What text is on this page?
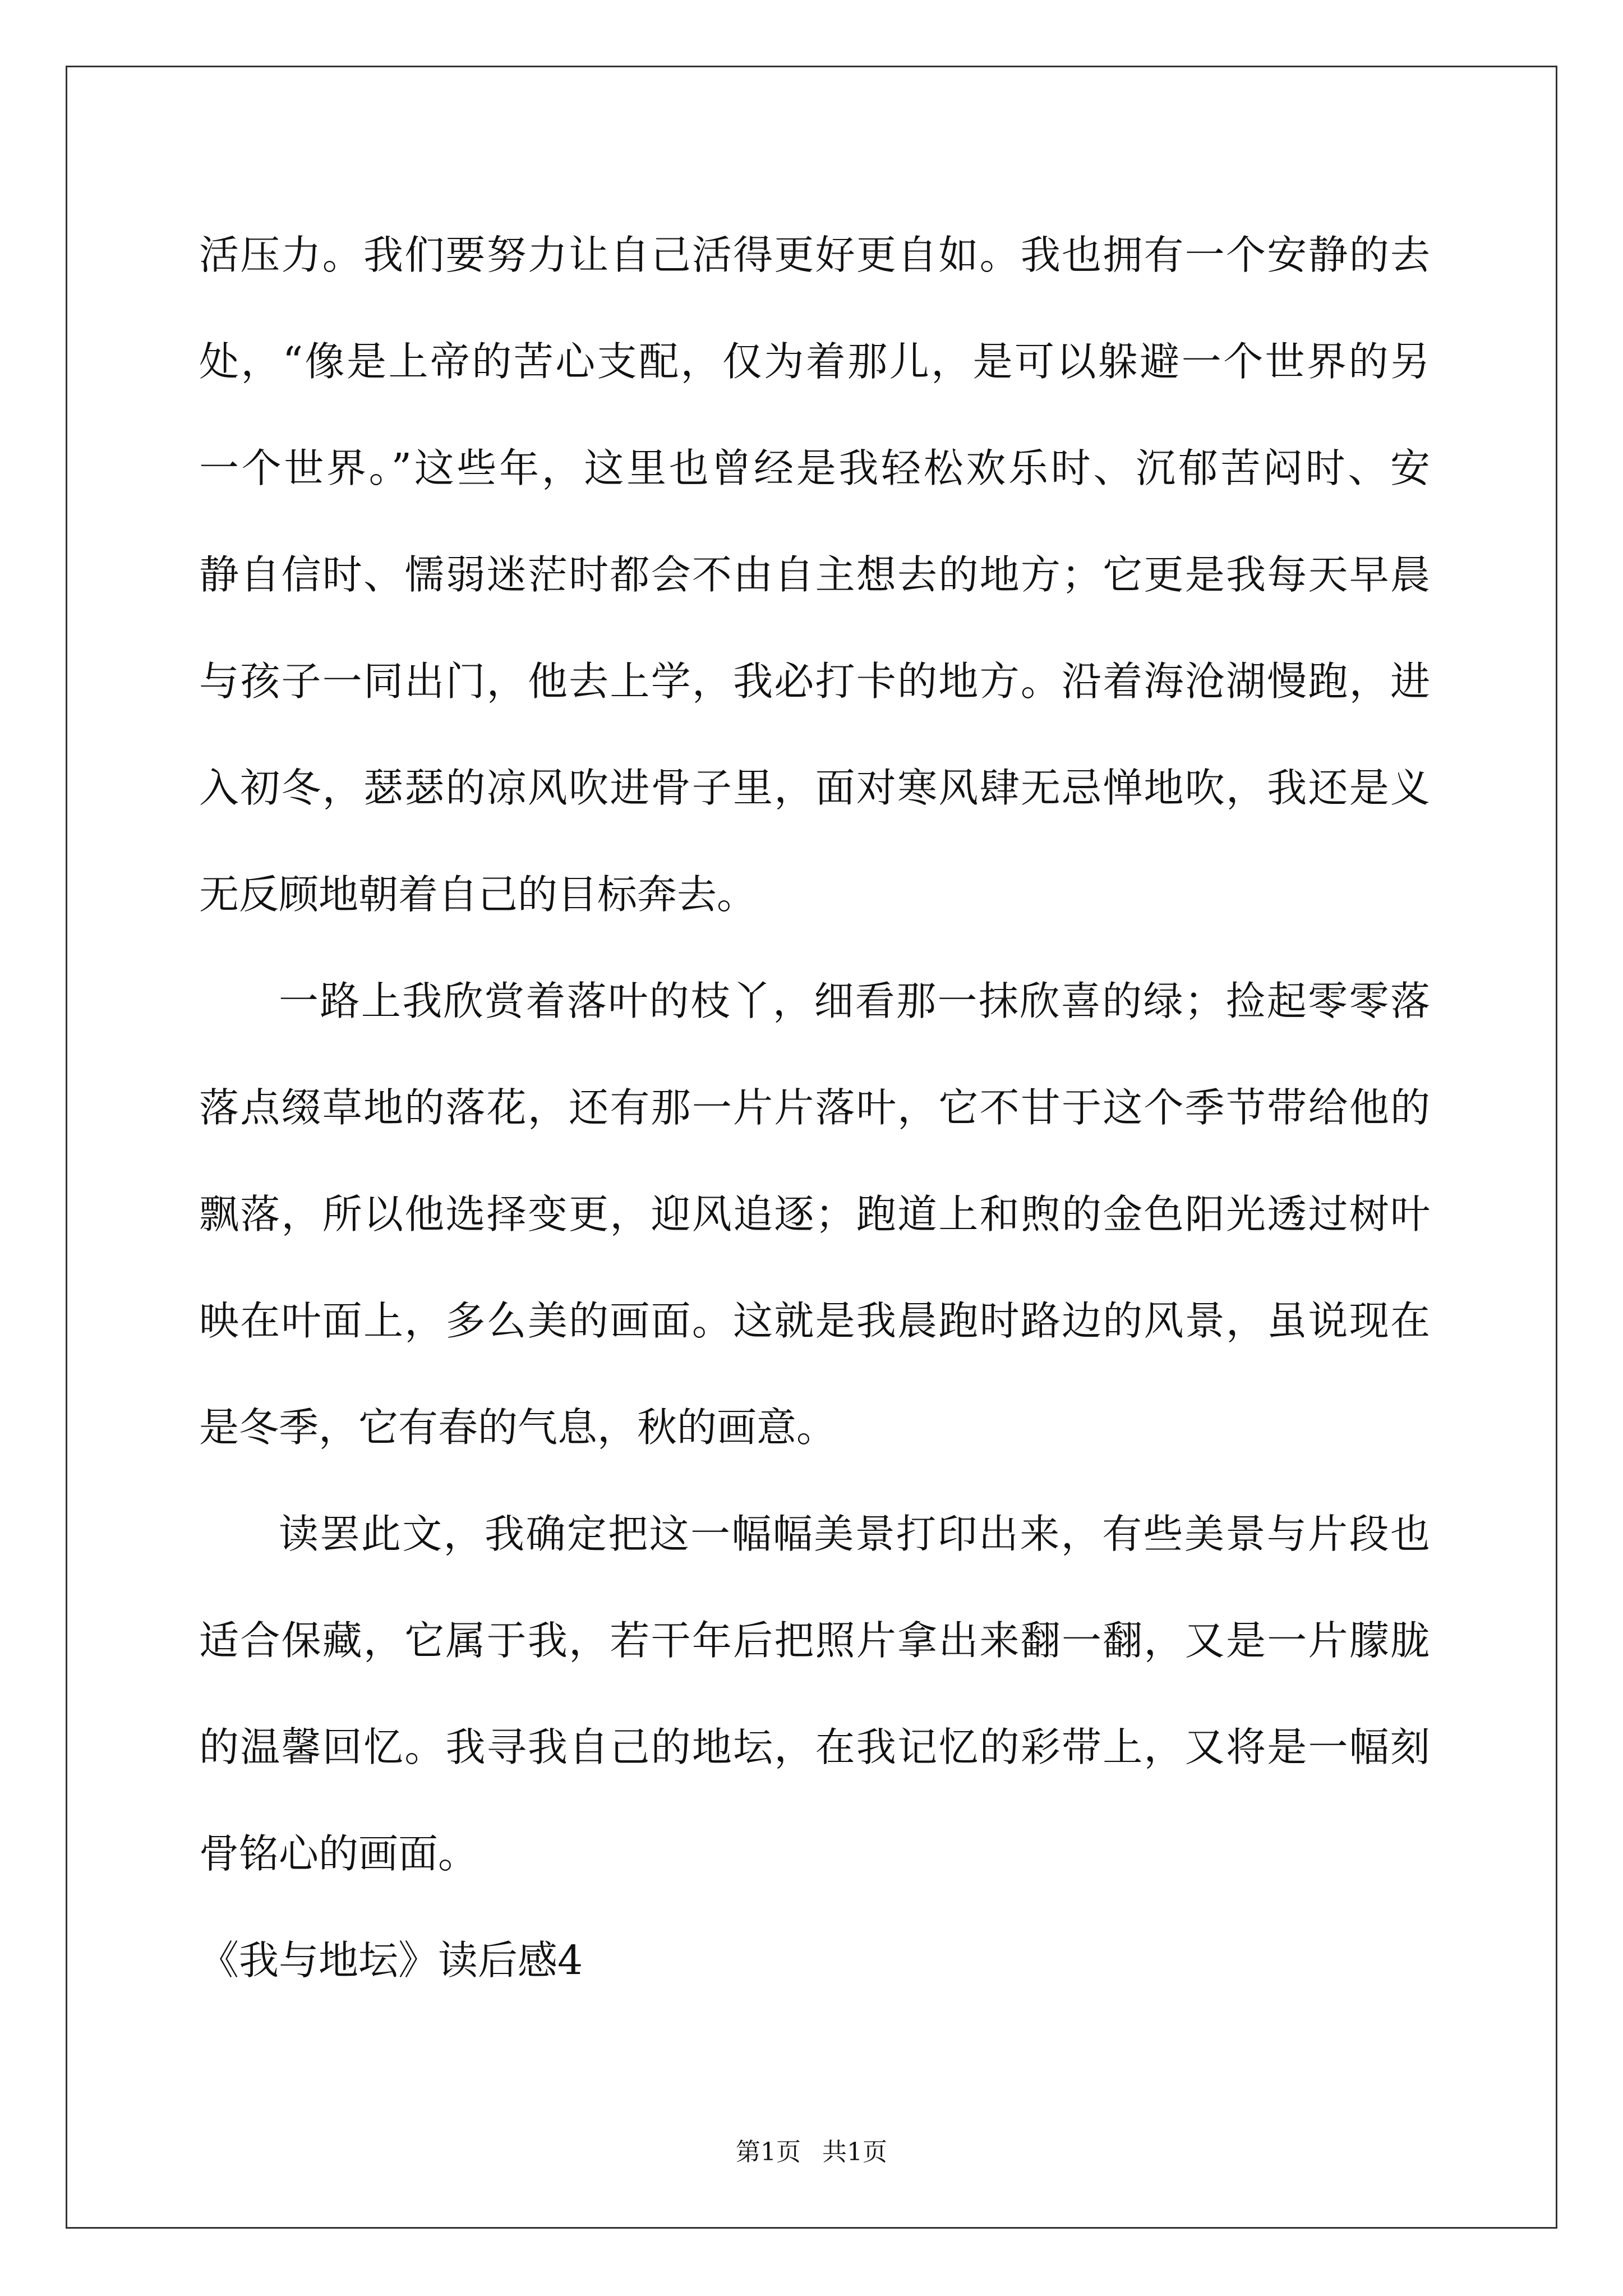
活压力。我们要努力让自己活得更好更自如。我也拥有一个安静的去
处，“像是上帝的苦心支配，仅为着那儿，是可以躲避一个世界的另
一个世界。”这些年，这里也曾经是我轻松欢乐时、沉郁苦闷时、安
静自信时、懦弱迷茫时都会不由自主想去的地方；它更是我每天早晨
与孩子一同出门，他去上学，我必打卡的地方。沿着海沧湖慢跑，进
入初冬，瑟瑟的凉风吹进骨子里，面对寒风肆无忌惮地吹，我还是义
无反顾地朝着自己的目标奔去。
一路上我欣赏着落叶的枝丫，细看那一抹欣喜的绿；捡起零零落
落点缀草地的落花，还有那一片片落叶，它不甘于这个季节带给他的
飘落，所以他选择变更，迎风追逐；跑道上和煦的金色阳光透过树叶
映在叶面上，多么美的画面。这就是我晨跑时路边的风景，虽说现在
是冬季，它有春的气息，秋的画意。
读罢此文，我确定把这一幅幅美景打印出来，有些美景与片段也
适合保藏，它属于我，若干年后把照片拿出来翻一翻，又是一片朦胧
的温馨回忆。我寻我自己的地坛，在我记忆的彩带上，又将是一幅刻
骨铭心的画面。
《我与地坛》读后感4
第1页 共1页
